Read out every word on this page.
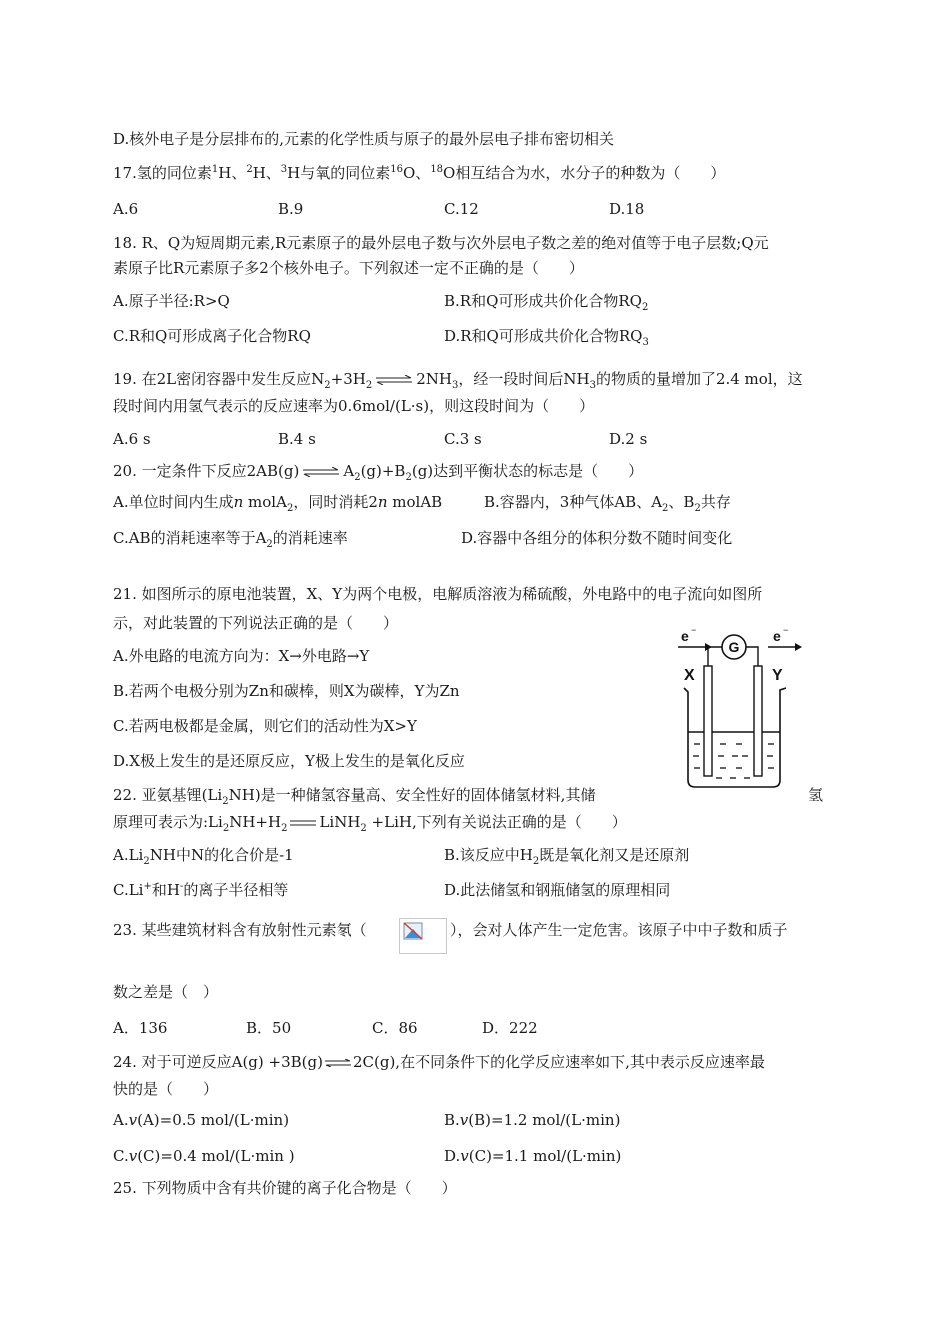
D.核外电子是分层排布的,元素的化学性质与原子的最外层电子排布密切相关
17.氢的同位素$^1$H、$^2$H、$^3$H与氧的同位素$^{16}$O、$^{18}$O相互结合为水，水分子的种数为（　　）
A.6	B.9	C.12	D.18
18. R、Q为短周期元素,R元素原子的最外层电子数与次外层电子数之差的绝对值等于电子层数;Q元
素原子比R元素原子多2个核外电子。下列叙述一定不正确的是（　　）
A.原子半径:R>Q	B.R和Q可形成共价化合物$RQ_2$
C.R和Q可形成离子化合物RQ	D.R和Q可形成共价化合物$RQ_3$
19. 在2L密闭容器中发生反应$N_2+3H_2$ ⇌ $2NH_3$，经一段时间后$NH_3$的物质的量增加了2.4 mol，这
段时间内用氢气表示的反应速率为0.6mol/(L·s)，则这段时间为（　　）
A.6 s	B.4 s	C.3 s	D.2 s
20. 一定条件下反应2AB(g) ⇌ $A_2(g)+B_2(g)$达到平衡状态的标志是（　　）
A.单位时间内生成n molA$_2$，同时消耗2n molAB	B.容器内，3种气体AB、$A_2$、$B_2$共存
C.AB的消耗速率等于$A_2$的消耗速率	D.容器中各组分的体积分数不随时间变化
21. 如图所示的原电池装置，X、Y为两个电极，电解质溶液为稀硫酸，外电路中的电子流向如图所
示，对此装置的下列说法正确的是（　　）
A.外电路的电流方向为：X→外电路→Y
B.若两个电极分别为Zn和碳棒，则X为碳棒，Y为Zn
C.若两电极都是金属，则它们的活动性为X>Y
D.X极上发生的是还原反应，Y极上发生的是氧化反应
e −	e −
G
X	Y
22. 亚氨基锂$(Li_2NH)$是一种储氢容量高、安全性好的固体储氢材料,其储	氢
原理可表示为$:Li_2NH+H_2$ LiNH$_2$ +LiH,下列有关说法正确的是（　　）
$A.Li_2NH$中N的化合价是-1	B.该反应中$H_2$既是氧化剂又是还原剂
C.Li+和H-的离子半径相等	D.此法储氢和钢瓶储氢的原理相同
23. 某些建筑材料含有放射性元素氡（	），会对人体产生一定危害。该原子中中子数和质子
数之差是（　）
A．136	B．50	C．86	D．222
24. 对于可逆反应A(g) +3B(g) ⇌ 2C(g),在不同条件下的化学反应速率如下,其中表示反应速率最
快的是（　　）
A.v(A)=0.5 mol/(L·min)	B.v(B)=1.2 mol/(L·min)
C.v(C)=0.4 mol/(L·min )	D.v(C)=1.1 mol/(L·min)
25. 下列物质中含有共价键的离子化合物是（　　）
